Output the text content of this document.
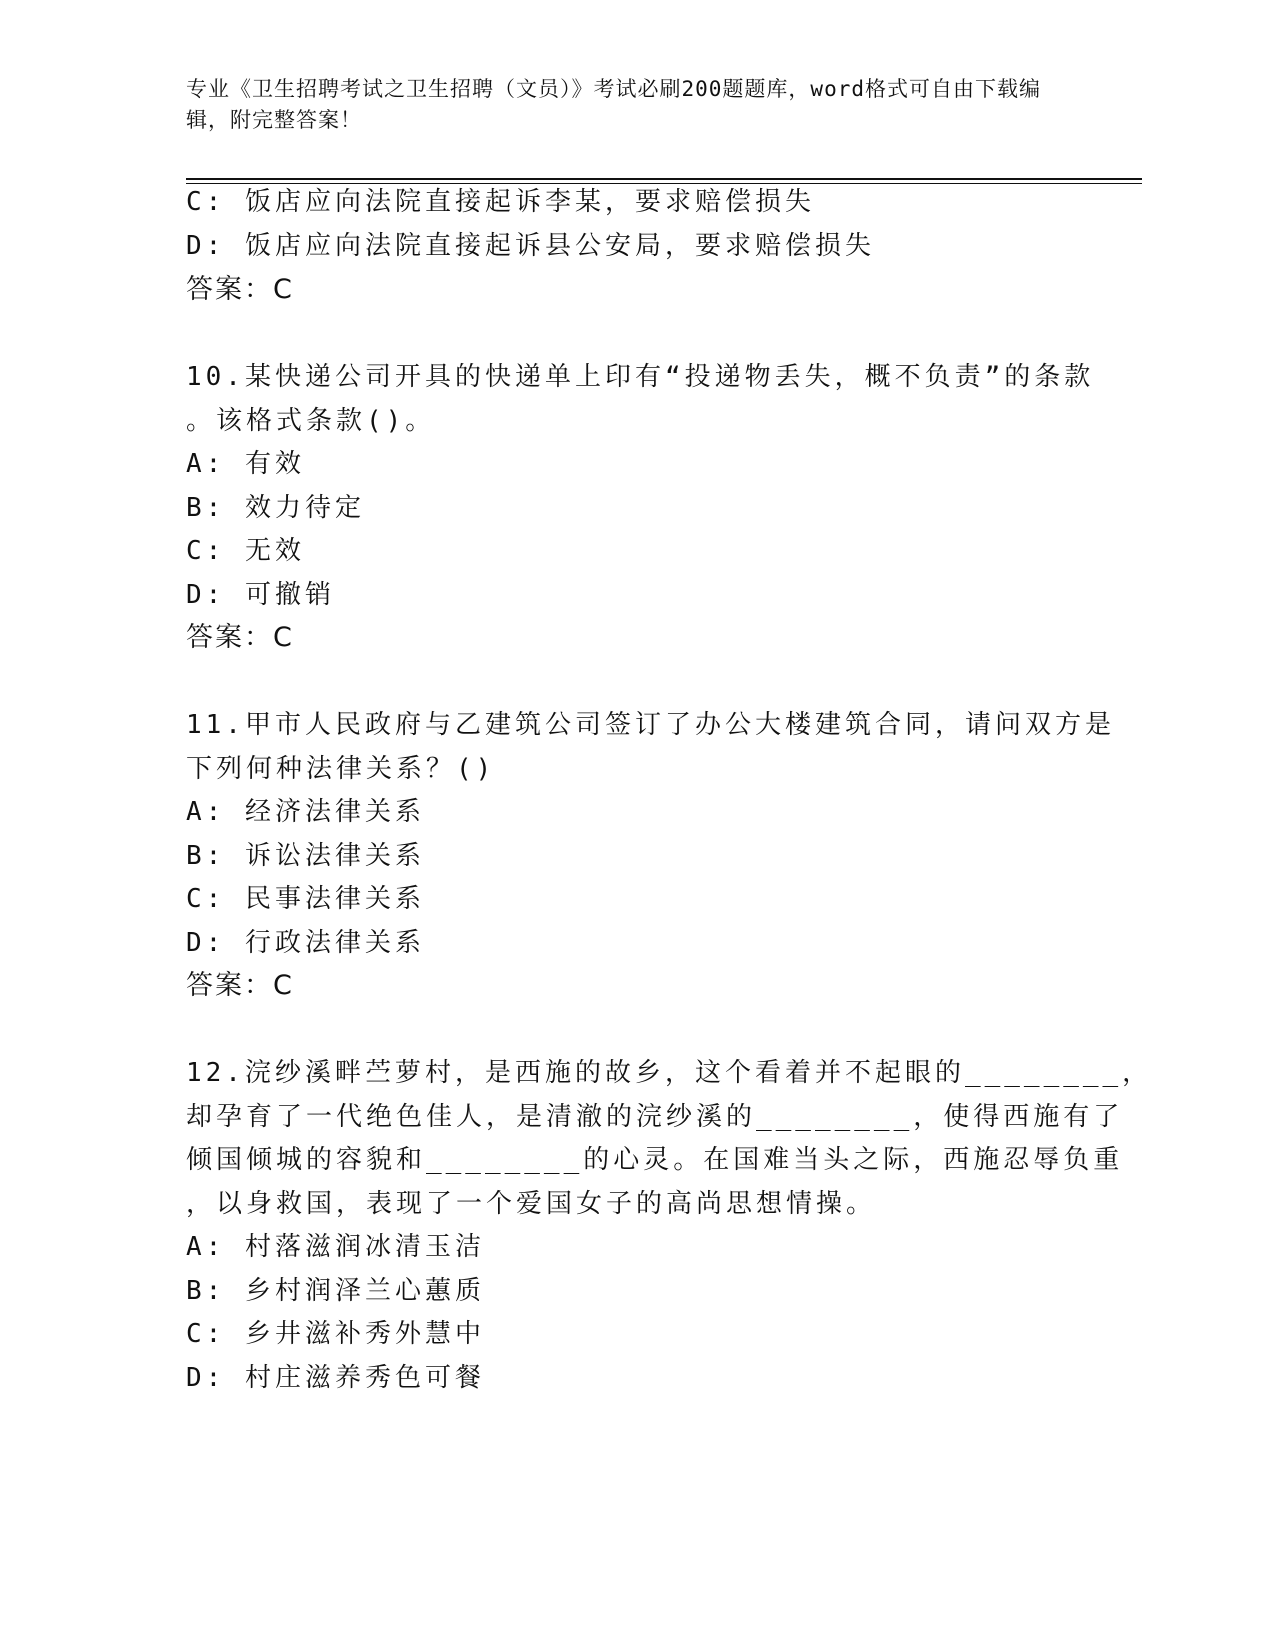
专业《卫生招聘考试之卫生招聘（文员）》考试必刷200题题库，word格式可自由下载编辑，附完整答案！
C: 饭店应向法院直接起诉李某，要求赔偿损失
D: 饭店应向法院直接起诉县公安局，要求赔偿损失
答案：C
10.某快递公司开具的快递单上印有“投递物丢失，概不负责”的条款
。该格式条款()。
A: 有效
B: 效力待定
C: 无效
D: 可撤销
答案：C
11.甲市人民政府与乙建筑公司签订了办公大楼建筑合同，请问双方是
下列何种法律关系？()
A: 经济法律关系
B: 诉讼法律关系
C: 民事法律关系
D: 行政法律关系
答案：C
12.浣纱溪畔苎萝村，是西施的故乡，这个看着并不起眼的________，
却孕育了一代绝色佳人，是清澈的浣纱溪的________，使得西施有了
倾国倾城的容貌和________的心灵。在国难当头之际，西施忍辱负重
，以身救国，表现了一个爱国女子的高尚思想情操。
A: 村落滋润冰清玉洁
B: 乡村润泽兰心蕙质
C: 乡井滋补秀外慧中
D: 村庄滋养秀色可餐
